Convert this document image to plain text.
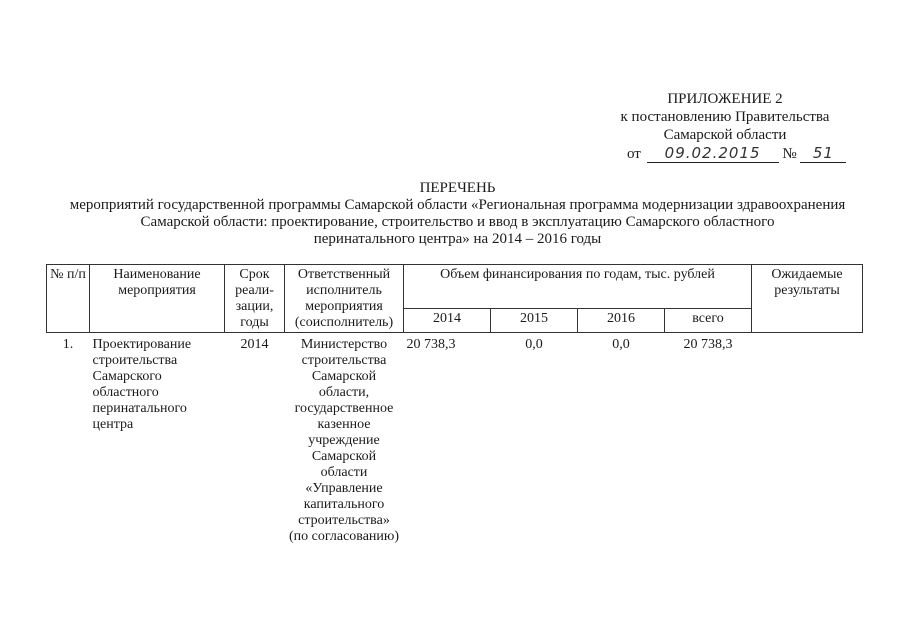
ПРИЛОЖЕНИЕ 2
к постановлению Правительства
Самарской области
от 09.02.2015 № 51
ПЕРЕЧЕНЬ
мероприятий государственной программы Самарской области «Региональная программа модернизации здравоохранения
Самарской области: проектирование, строительство и ввод в эксплуатацию Самарского областного
перинатального центра» на 2014 – 2016 годы
№ п/п	Наименование мероприятия	Срок реали-зации, годы	Ответственный исполнитель мероприятия (соисполнитель)	Объем финансирования по годам, тыс. рублей				Ожидаемые результаты
				2014	2015	2016	всего	
1.	Проектирование строительства Самарского областного перинатального центра	2014	Министерство строительства Самарской области, государственное казенное учреждение Самарской области «Управление капитального строительства» (по согласованию)	20 738,3	0,0	0,0	20 738,3	
